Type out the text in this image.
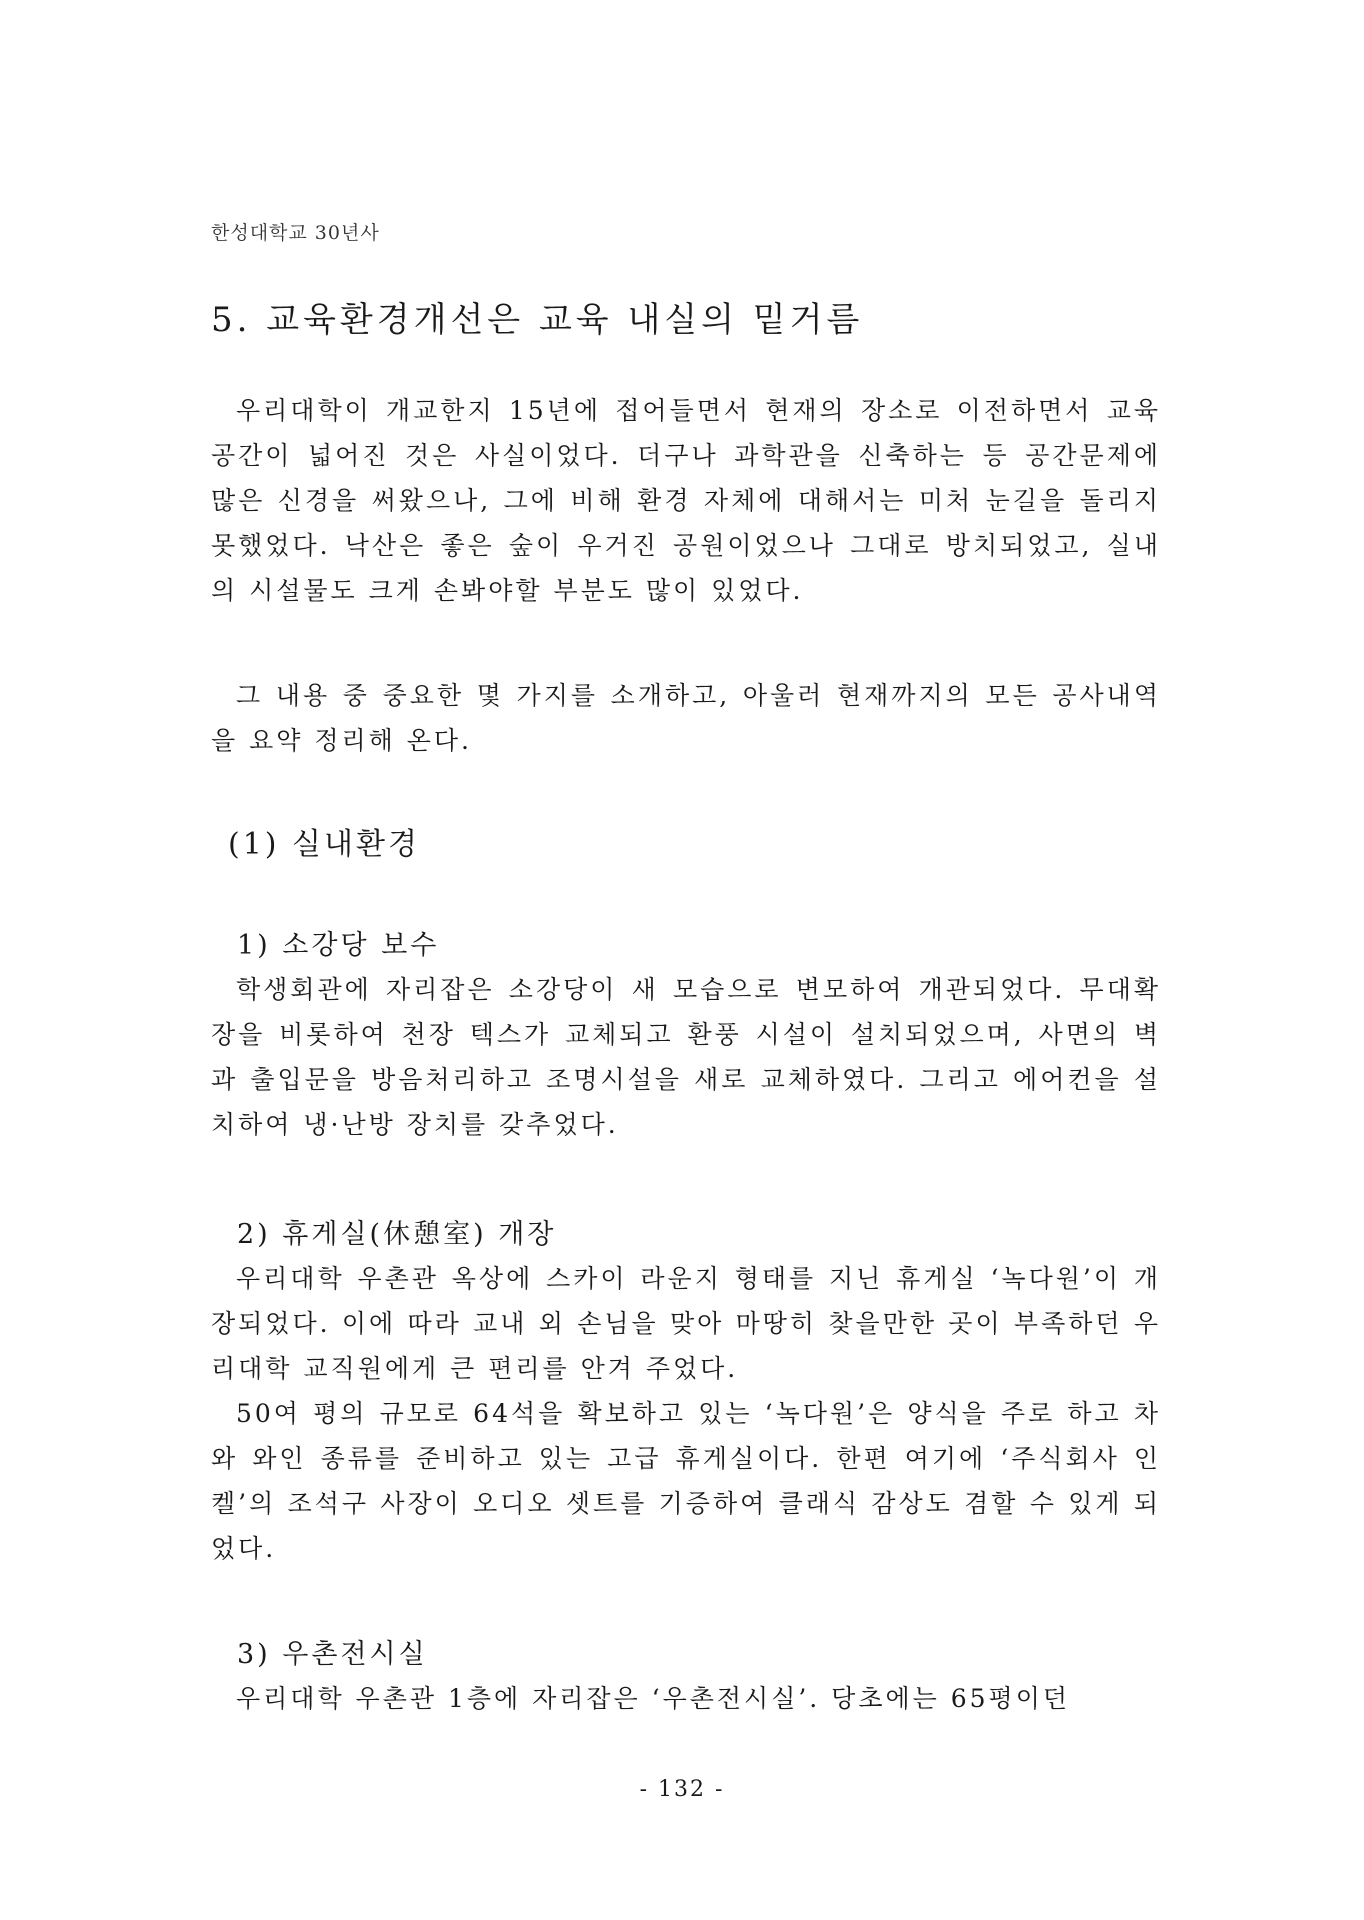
한성대학교 30년사
5. 교육환경개선은 교육 내실의 밑거름

우리대학이 개교한지 15년에 접어들면서 현재의 장소로 이전하면서 교육공간이 넓어진 것은 사실이었다. 더구나 과학관을 신축하는 등 공간문제에 많은 신경을 써왔으나, 그에 비해 환경 자체에 대해서는 미처 눈길을 돌리지 못했었다. 낙산은 좋은 숲이 우거진 공원이었으나 그대로 방치되었고, 실내의 시설물도 크게 손봐야할 부분도 많이 있었다.

그 내용 중 중요한 몇 가지를 소개하고, 아울러 현재까지의 모든 공사내역을 요약 정리해 온다.

(1) 실내환경
1) 소강당 보수

학생회관에 자리잡은 소강당이 새 모습으로 변모하여 개관되었다. 무대확장을 비롯하여 천장 텍스가 교체되고 환풍 시설이 설치되었으며, 사면의 벽과 출입문을 방음처리하고 조명시설을 새로 교체하였다. 그리고 에어컨을 설치하여 냉·난방 장치를 갖추었다.

2) 휴게실(休憩室) 개장

우리대학 우촌관 옥상에 스카이 라운지 형태를 지닌 휴게실 ‘녹다원’이 개장되었다. 이에 따라 교내 외 손님을 맞아 마땅히 찾을만한 곳이 부족하던 우리대학 교직원에게 큰 편리를 안겨 주었다.

50여 평의 규모로 64석을 확보하고 있는 ‘녹다원’은 양식을 주로 하고 차와 와인 종류를 준비하고 있는 고급 휴게실이다. 한편 여기에 ‘주식회사 인켈’의 조석구 사장이 오디오 셋트를 기증하여 클래식 감상도 겸할 수 있게 되었다.

3) 우촌전시실

우리대학 우촌관 1층에 자리잡은 ‘우촌전시실’. 당초에는 65평이던

- 132 -
